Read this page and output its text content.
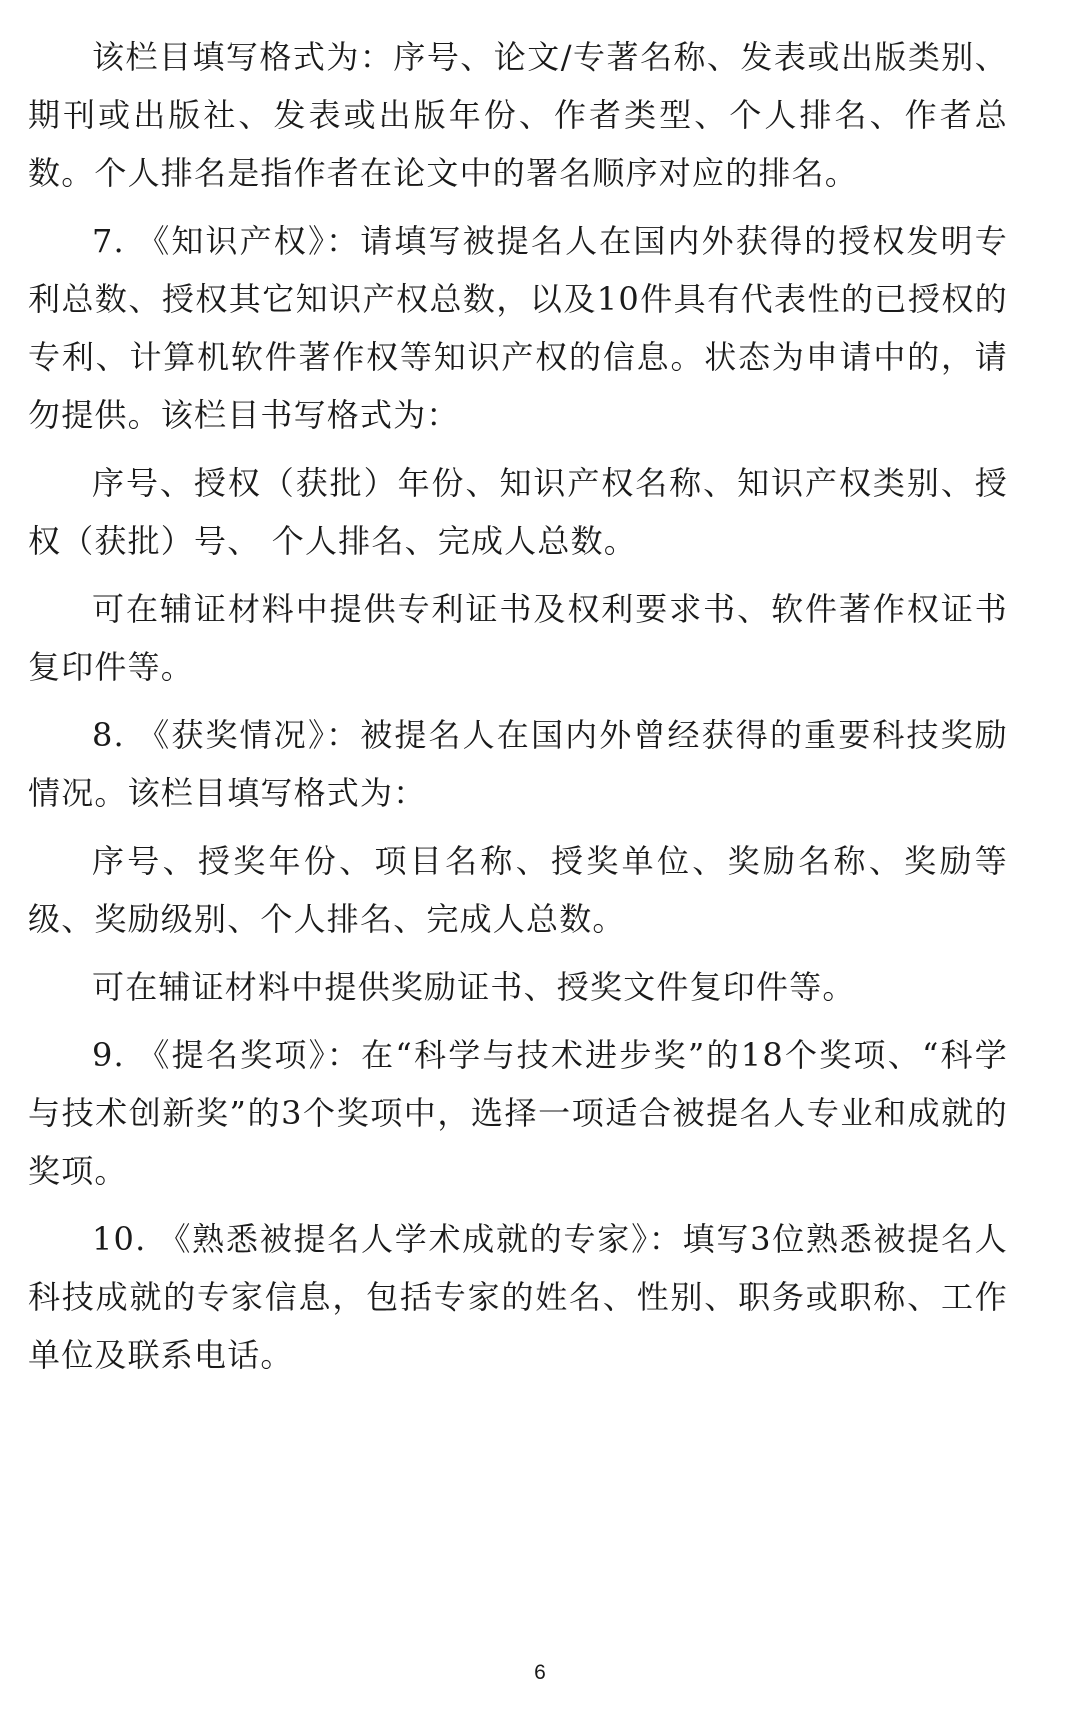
该栏目填写格式为：序号、论文/专著名称、发表或出版类别、期刊或出版社、发表或出版年份、作者类型、个人排名、作者总数。个人排名是指作者在论文中的署名顺序对应的排名。

7. 《知识产权》：请填写被提名人在国内外获得的授权发明专利总数、授权其它知识产权总数，以及10件具有代表性的已授权的专利、计算机软件著作权等知识产权的信息。状态为申请中的，请勿提供。该栏目书写格式为：

序号、授权（获批）年份、知识产权名称、知识产权类别、授权（获批）号、 个人排名、完成人总数。

可在辅证材料中提供专利证书及权利要求书、软件著作权证书复印件等。

8. 《获奖情况》：被提名人在国内外曾经获得的重要科技奖励情况。该栏目填写格式为：

序号、授奖年份、项目名称、授奖单位、奖励名称、奖励等级、奖励级别、个人排名、完成人总数。

可在辅证材料中提供奖励证书、授奖文件复印件等。

9. 《提名奖项》：在“科学与技术进步奖”的18个奖项、“科学与技术创新奖”的3个奖项中，选择一项适合被提名人专业和成就的奖项。

10. 《熟悉被提名人学术成就的专家》：填写3位熟悉被提名人科技成就的专家信息，包括专家的姓名、性别、职务或职称、工作单位及联系电话。

6
